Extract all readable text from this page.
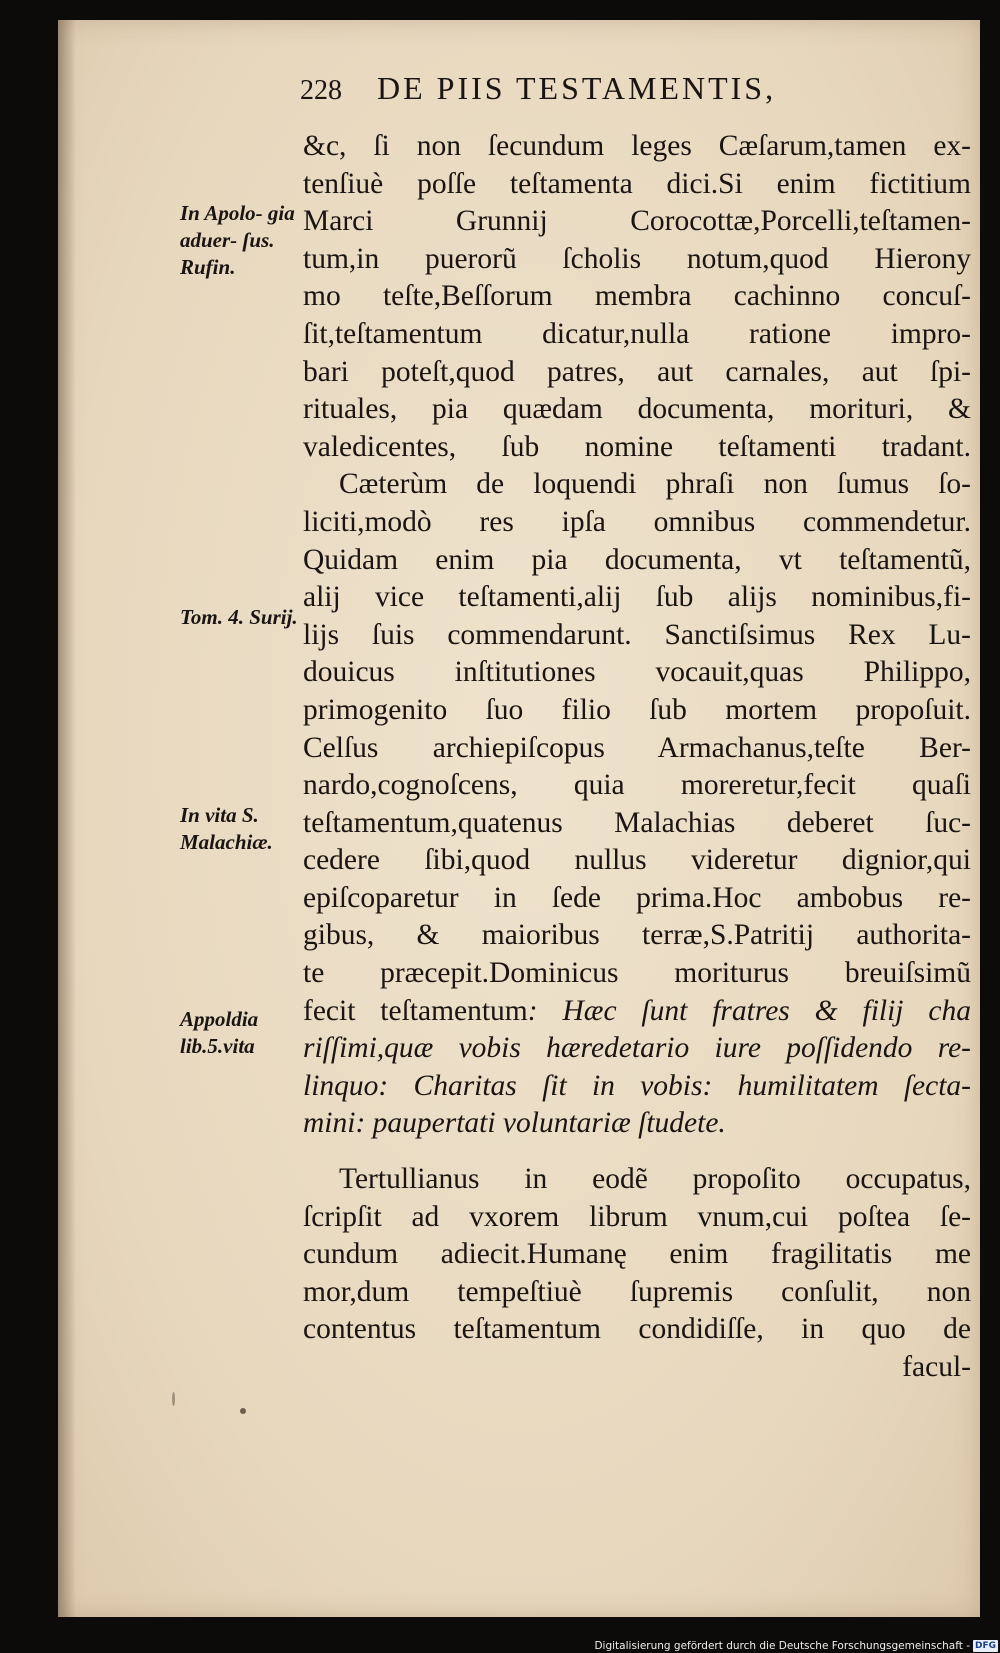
228 DE PIIS TESTAMENTIS,
In Apolo- gia aduer- ſus. Rufin.
Tom. 4. Surij.
In vita S. Malachiæ.
Appoldia lib.5.vita
&c, ſi non ſecundum leges Cæſarum,tamen ex-
tenſiuè poſſe teſtamenta dici.Si enim fictitium
Marci Grunnij Corocottæ,Porcelli,teſtamen-
tum,in puerorũ ſcholis notum,quod Hierony
mo teſte,Beſſorum membra cachinno concuſ-
ſit,teſtamentum dicatur,nulla ratione impro-
bari poteſt,quod patres, aut carnales, aut ſpi-
rituales, pia quædam documenta, morituri, &
valedicentes, ſub nomine teſtamenti tradant.
Cæterùm de loquendi phraſi non ſumus ſo-
liciti,modò res ipſa omnibus commendetur.
Quidam enim pia documenta, vt teſtamentũ,
alij vice teſtamenti,alij ſub alijs nominibus,fi-
lijs ſuis commendarunt. Sanctiſsimus Rex Lu-
douicus inſtitutiones vocauit,quas Philippo,
primogenito ſuo filio ſub mortem propoſuit.
Celſus archiepiſcopus Armachanus,teſte Ber-
nardo,cognoſcens, quia moreretur,fecit quaſi
teſtamentum,quatenus Malachias deberet ſuc-
cedere ſibi,quod nullus videretur dignior,qui
epiſcoparetur in ſede prima.Hoc ambobus re-
gibus, & maioribus terræ,S.Patritij authorita-
te præcepit.Dominicus moriturus breuiſsimũ
fecit teſtamentum: Hæc ſunt fratres & filij cha
riſſimi,quæ vobis hæredetario iure poſſidendo re-
linquo: Charitas ſit in vobis: humilitatem ſecta-
mini: paupertati voluntariæ ſtudete.
Tertullianus in eodẽ propoſito occupatus,
ſcripſit ad vxorem librum vnum,cui poſtea ſe-
cundum adiecit.Humanę enim fragilitatis me
mor,dum tempeſtiuè ſupremis conſulit, non
contentus teſtamentum condidiſſe, in quo de
facul-
Digitalisierung gefördert durch die Deutsche Forschungsgemeinschaft - DFG
